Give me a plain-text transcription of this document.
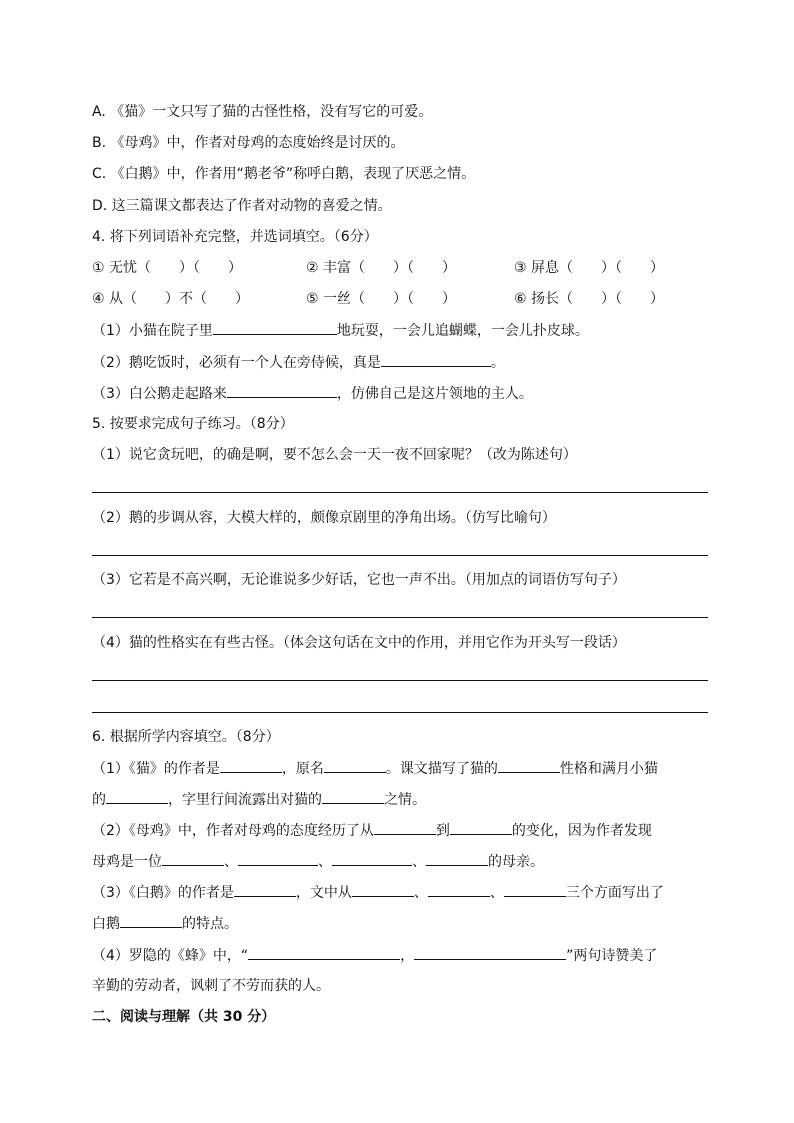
A. 《猫》一文只写了猫的古怪性格，没有写它的可爱。
B. 《母鸡》中，作者对母鸡的态度始终是讨厌的。
C. 《白鹅》中，作者用“鹅老爷”称呼白鹅，表现了厌恶之情。
D. 这三篇课文都表达了作者对动物的喜爱之情。
4. 将下列词语补充完整，并选词填空。（6分）
① 无忧（　　）（　　）	② 丰富（　　）（　　）	③ 屏息（　　）（　　）
④ 从（　　）不（　　）	⑤ 一丝（　　）（　　）	⑥ 扬长（　　）（　　）
（1）小猫在院子里	地玩耍，一会儿追蝴蝶，一会儿扑皮球。
（2）鹅吃饭时，必须有一个人在旁侍候，真是	。
（3）白公鹅走起路来	，仿佛自己是这片领地的主人。
5. 按要求完成句子练习。（8分）
（1）说它贪玩吧，的确是啊，要不怎么会一天一夜不回家呢？（改为陈述句）
（2）鹅的步调从容，大模大样的，颇像京剧里的净角出场。（仿写比喻句）
（3）它若是不高兴啊，无论谁说多少好话，它也一声不出。（用加点的词语仿写句子）
（4）猫的性格实在有些古怪。（体会这句话在文中的作用，并用它作为开头写一段话）
6. 根据所学内容填空。（8分）
（1）《猫》的作者是	，原名	。课文描写了猫的	性格和满月小猫
的	，字里行间流露出对猫的	之情。
（2）《母鸡》中，作者对母鸡的态度经历了从	到	的变化，因为作者发现
母鸡是一位	、	、	、	的母亲。
（3）《白鹅》的作者是	，文中从	、	、	三个方面写出了
白鹅	的特点。
（4）罗隐的《蜂》中，“	，	”两句诗赞美了
辛勤的劳动者，讽刺了不劳而获的人。
二、阅读与理解（共 30 分）
